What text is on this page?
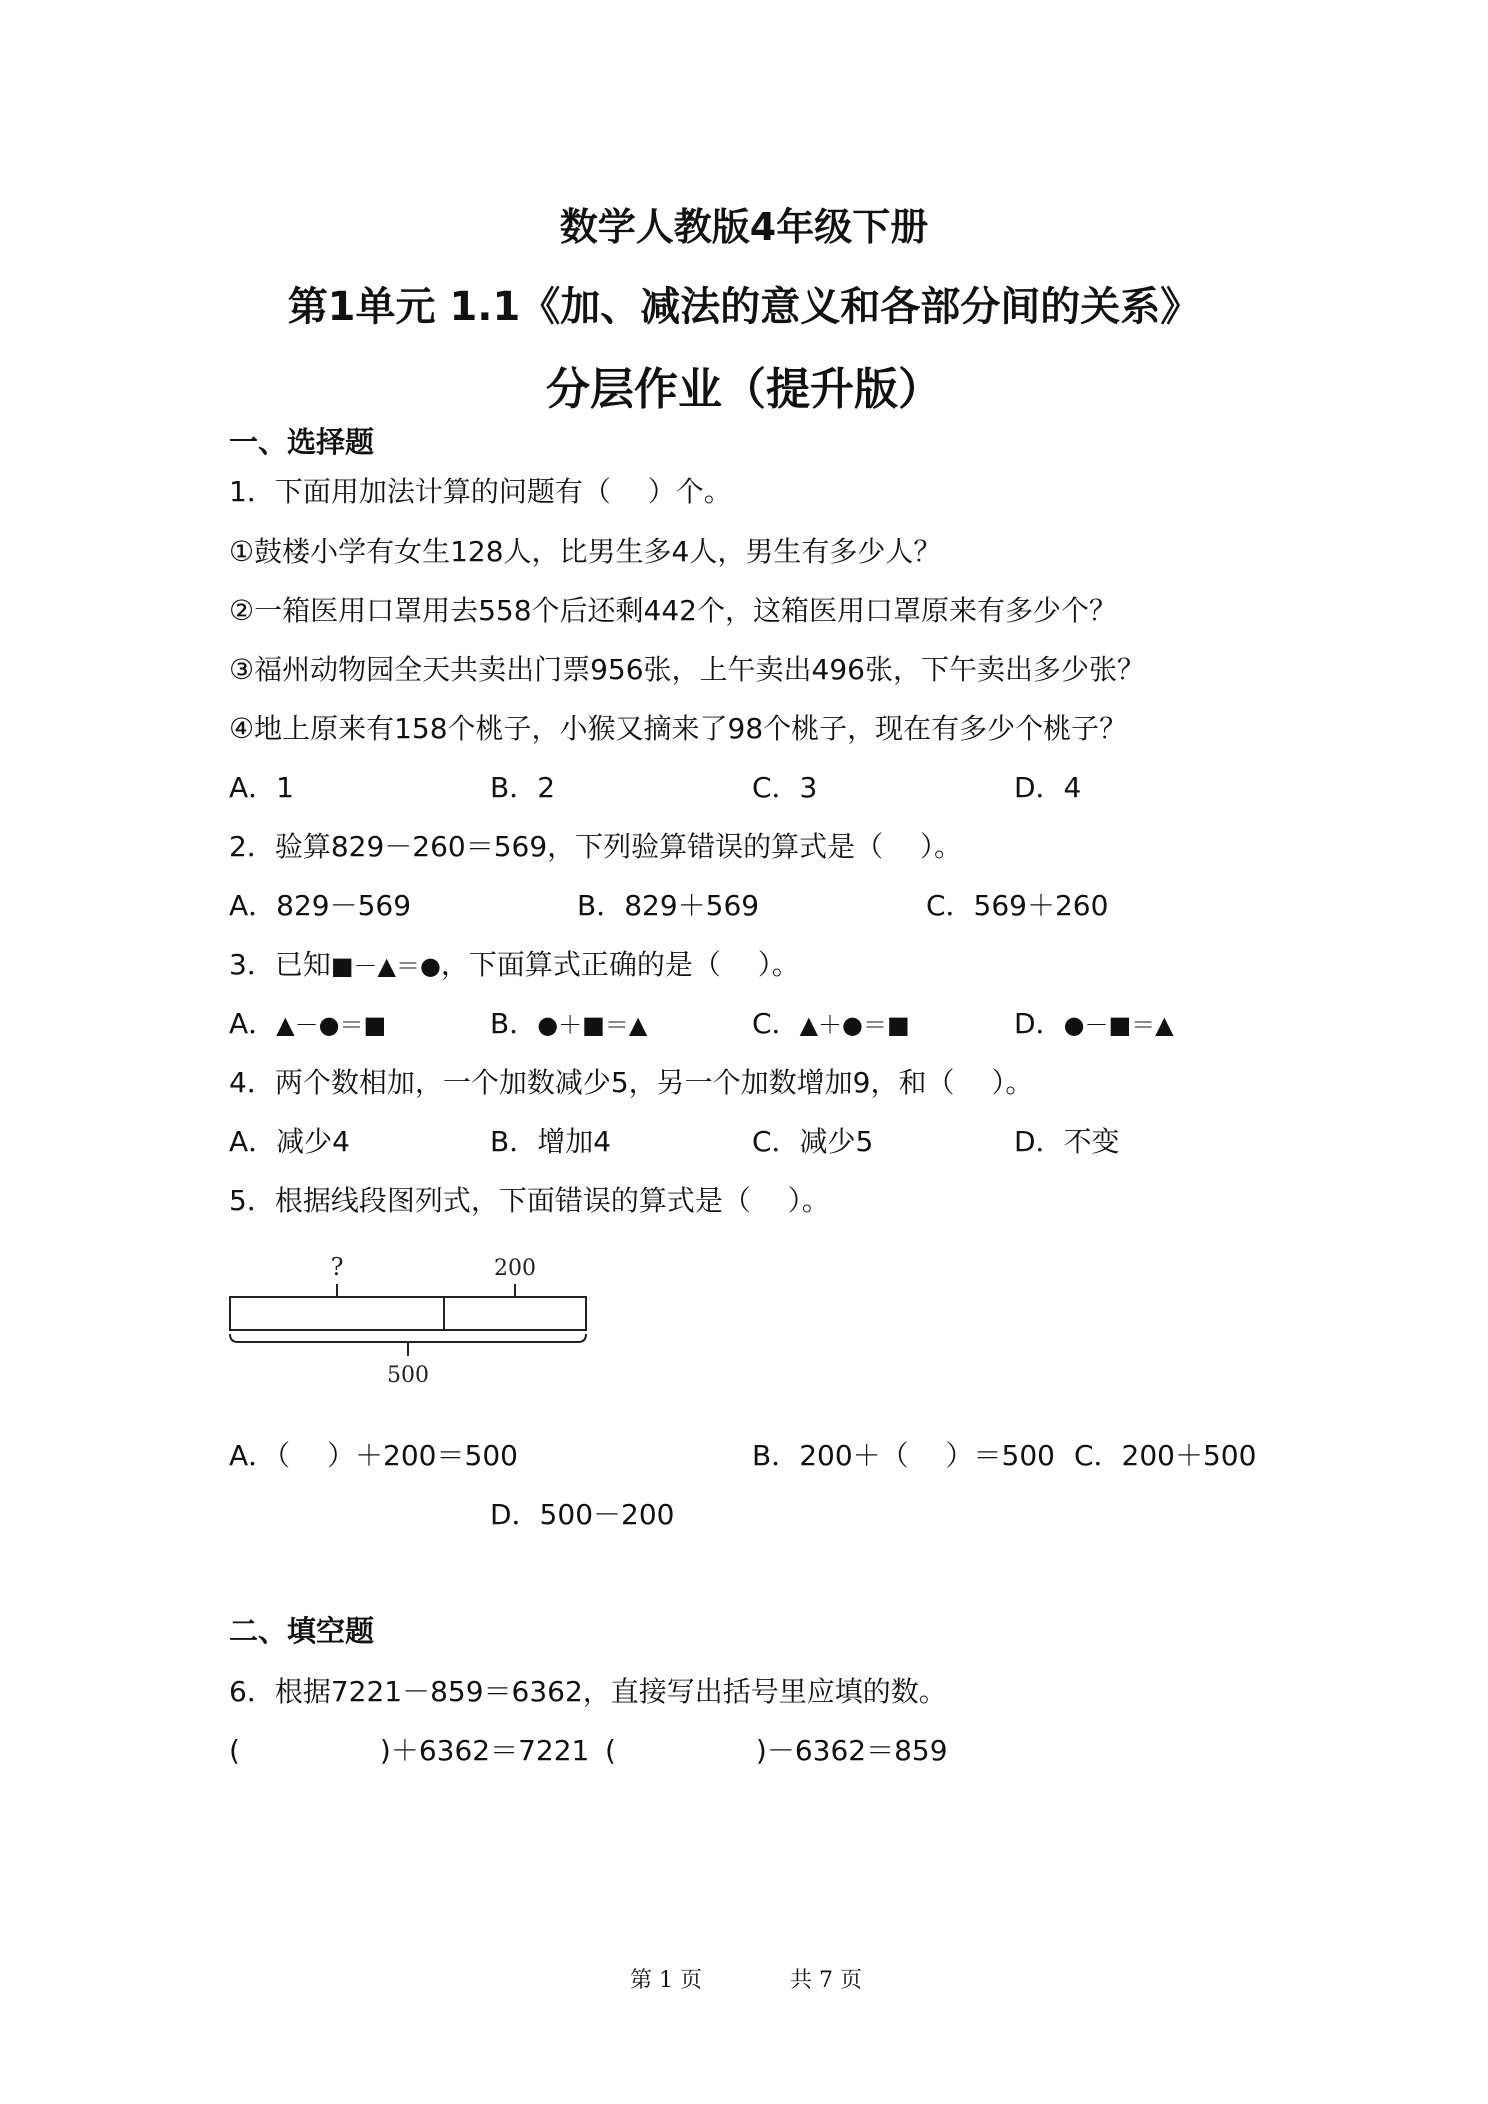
数学人教版4年级下册
第1单元 1.1《加、减法的意义和各部分间的关系》
分层作业（提升版）
一、选择题
1．下面用加法计算的问题有（　 ）个。
①鼓楼小学有女生128人，比男生多4人，男生有多少人？
②一箱医用口罩用去558个后还剩442个，这箱医用口罩原来有多少个？
③福州动物园全天共卖出门票956张，上午卖出496张，下午卖出多少张？
④地上原来有158个桃子，小猴又摘来了98个桃子，现在有多少个桃子？
A．1	B．2	C．3	D．4
2．验算829－260＝569，下列验算错误的算式是（　 ）。
A．829－569	B．829＋569	C．569＋260
3．已知■－▲＝●，下面算式正确的是（　 ）。
A．▲－●＝■	B．●＋■＝▲	C．▲＋●＝■	D．●－■＝▲
4．两个数相加，一个加数减少5，另一个加数增加9，和（　 ）。
A．减少4	B．增加4	C．减少5	D．不变
5．根据线段图列式，下面错误的算式是（　 ）。
?	200
500
A．（　 ）＋200＝500	B．200＋（　 ）＝500 C．200＋500
D．500－200
二、填空题
6．根据7221－859＝6362，直接写出括号里应填的数。
(　　　　　)＋6362＝7221 (　　　　　)－6362＝859
第 1 页	共 7 页
